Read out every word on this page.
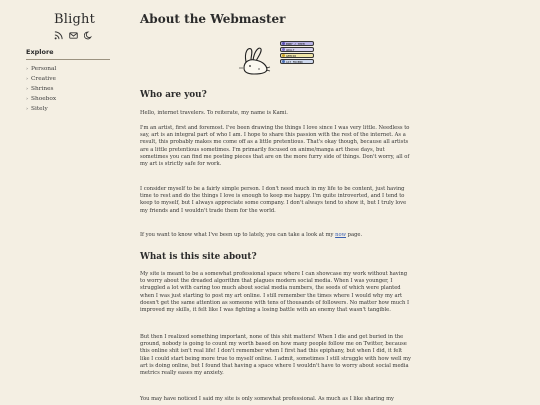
Blight
Explore
› Personal
› Creative
› Shrines
› Shoebox
› Sitely
About the Webmaster
ENBY / THEM
ADULT
GEMINI
CAT FRIEND
Who are you?

Hello, internet travelers. To reiterate, my name is Kami.

I'm an artist, first and foremost. I've been drawing the things I love since I was very little. Needless to say, art is an integral part of who I am. I hope to share this passion with the rest of the internet. As a result, this probably makes me come off as a little pretentious. That's okay though, because all artists are a little pretentious sometimes. I'm primarily focused on anime/manga art these days, but sometimes you can find me posting pieces that are on the more furry side of things. Don't worry, all of my art is strictly safe for work.

I consider myself to be a fairly simple person. I don't need much in my life to be content, just having time to rest and do the things I love is enough to keep me happy. I'm quite introverted, and I tend to keep to myself, but I always appreciate some company. I don't always tend to show it, but I truly love my friends and I wouldn't trade them for the world.

If you want to know what I've been up to lately, you can take a look at my now page.

What is this site about?

My site is meant to be a somewhat professional space where I can showcase my work without having to worry about the dreaded algorithm that plagues modern social media. When I was younger, I struggled a lot with caring too much about social media numbers, the seeds of which were planted when I was just starting to post my art online. I still remember the times where I would why my art doesn't get the same attention as someone with tens of thousands of followers. No matter how much I improved my skills, it felt like I was fighting a losing battle with an enemy that wasn't tangible.

But then I realized something important, none of this shit matters! When I die and get buried in the ground, nobody is going to count my worth based on how many people follow me on Twitter, because this online shit isn't real life! I don't remember when I first had this epiphany, but when I did, it felt like I could start being more true to myself online. I admit, sometimes I still struggle with how well my art is doing online, but I found that having a space where I wouldn't have to worry about social media metrics really eases my anxiety.

You may have noticed I said my site is only somewhat professional. As much as I like sharing my
